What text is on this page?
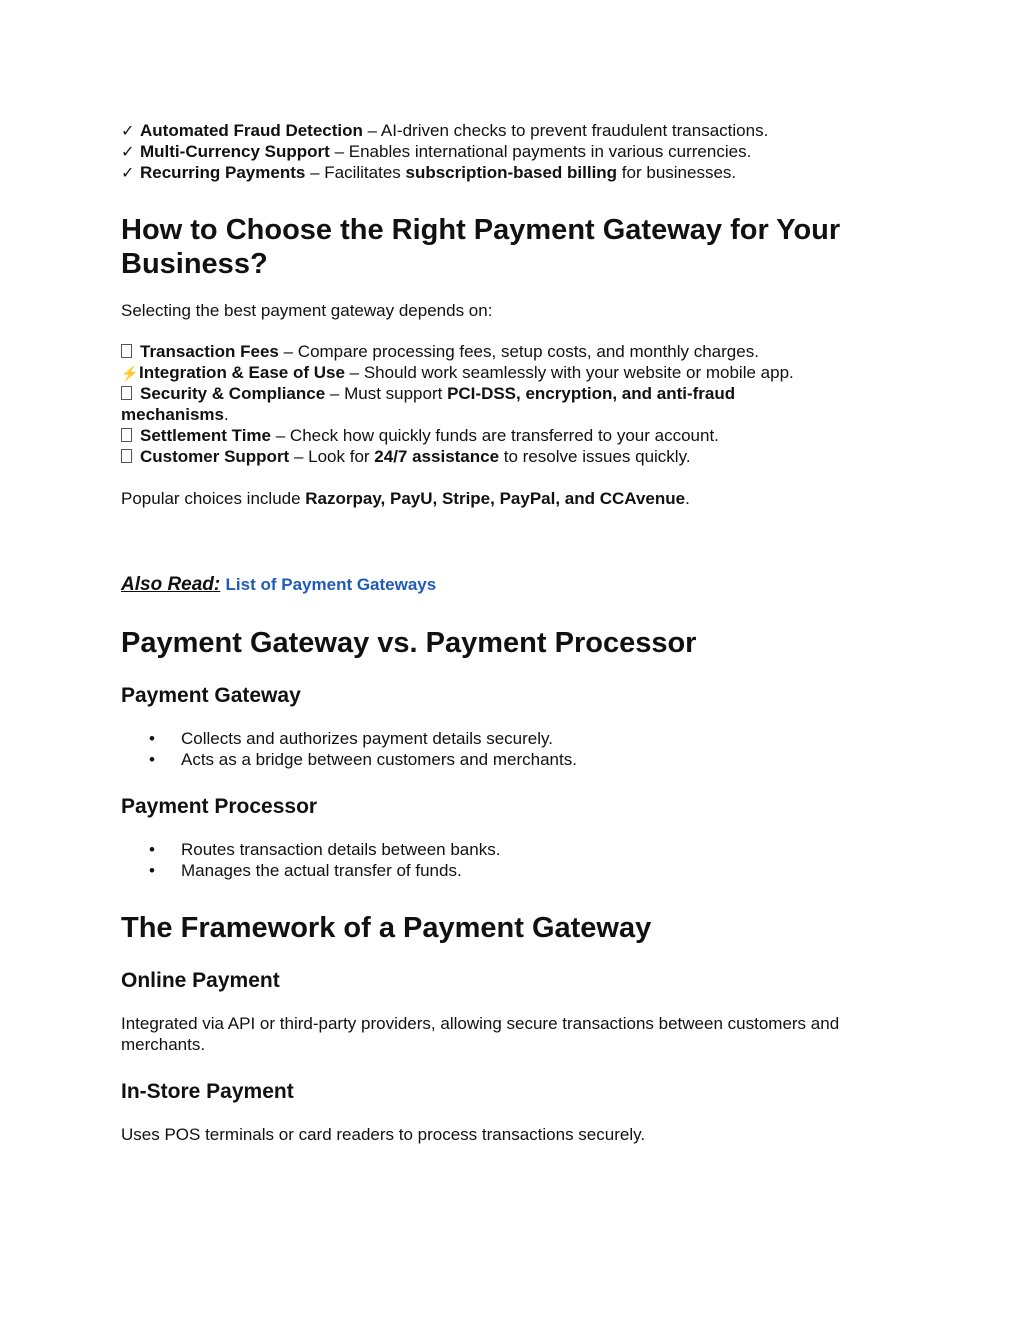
✓ Automated Fraud Detection – AI-driven checks to prevent fraudulent transactions.
✓ Multi-Currency Support – Enables international payments in various currencies.
✓ Recurring Payments – Facilitates subscription-based billing for businesses.
How to Choose the Right Payment Gateway for Your
Business?
Selecting the best payment gateway depends on:
Transaction Fees – Compare processing fees, setup costs, and monthly charges.
⚡Integration & Ease of Use – Should work seamlessly with your website or mobile app.
Security & Compliance – Must support PCI-DSS, encryption, and anti-fraud
mechanisms.
Settlement Time – Check how quickly funds are transferred to your account.
Customer Support – Look for 24/7 assistance to resolve issues quickly.
Popular choices include Razorpay, PayU, Stripe, PayPal, and CCAvenue.
Also Read: List of Payment Gateways
Payment Gateway vs. Payment Processor
Payment Gateway
• Collects and authorizes payment details securely.
• Acts as a bridge between customers and merchants.
Payment Processor
• Routes transaction details between banks.
• Manages the actual transfer of funds.
The Framework of a Payment Gateway
Online Payment
Integrated via API or third-party providers, allowing secure transactions between customers and
merchants.
In-Store Payment
Uses POS terminals or card readers to process transactions securely.
